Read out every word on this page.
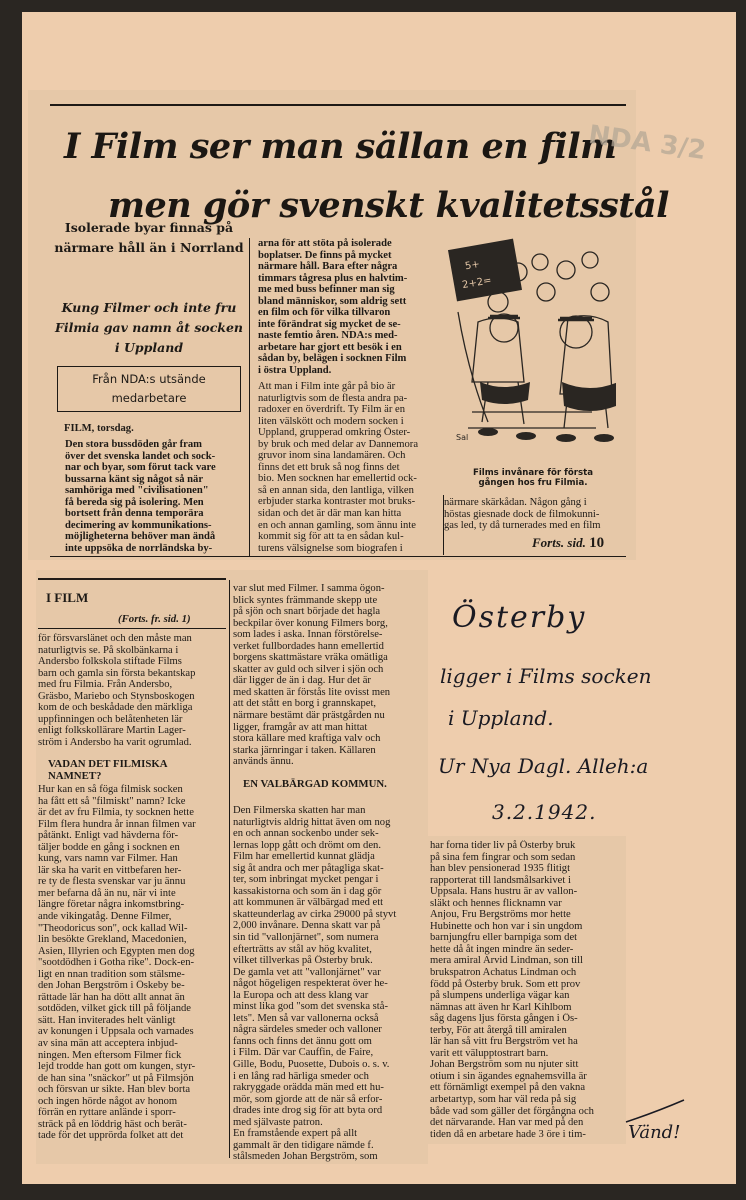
I Film ser man sällan en film
men gör svenskt kvalitetsstål
NDA 3/2
Isolerade byar finnas på närmare håll än i Norrland
Kung Filmer och inte fru Filmia gav namn åt socken i Uppland
Från NDA:s utsände medarbetare
FILM, torsdag.
Den stora bussdöden går fram
över det svenska landet och sock-
nar och byar, som förut tack vare
bussarna känt sig något så när
samhöriga med "civilisationen"
få bereda sig på isolering. Men
bortsett från denna temporära
decimering av kommunikations-
möjligheterna behöver man ändå
inte uppsöka de norrländska by-
arna för att stöta på isolerade
boplatser. De finns på mycket
närmare håll. Bara efter några
timmars tågresa plus en halvtim-
me med buss befinner man sig
bland människor, som aldrig sett
en film och för vilka tillvaron
inte förändrat sig mycket de se-
naste femtio åren. NDA:s med-
arbetare har gjort ett besök i en
sådan by, belägen i socknen Film
i östra Uppland.
Att man i Film inte går på bio är
naturligtvis som de flesta andra pa-
radoxer en överdrift. Ty Film är en
liten välskött och modern socken i
Uppland, grupperad omkring Öster-
by bruk och med delar av Dannemora
gruvor inom sina landamären. Och
finns det ett bruk så nog finns det
bio. Men socknen har emellertid ock-
så en annan sida, den lantliga, vilken
erbjuder starka kontraster mot bruks-
sidan och det är där man kan hitta
en och annan gamling, som ännu inte
kommit sig för att ta en sådan kul-
turens välsignelse som biografen i
5+
2+2=
Sal
Films invånare för första gången hos fru Filmia.
närmare skärkådan. Någon gång i
höstas giesnade dock de filmokunni-
gas led, ty då turnerades med en film
Forts. sid. 10
I FILM
(Forts. fr. sid. 1)
för försvarslänet och den måste man
naturligtvis se. På skolbänkarna i
Andersbo folkskola stiftade Films
barn och gamla sin första bekantskap
med fru Filmia. Från Andersbo,
Gräsbo, Mariebo och Stynsboskogen
kom de och beskådade den märkliga
uppfinningen och belåtenheten lär
enligt folkskollärare Martin Lager-
ström i Andersbo ha varit ogrumlad.
VADAN DET FILMISKA NAMNET?
Hur kan en så föga filmisk socken
ha fått ett så "filmiskt" namn? Icke
är det av fru Filmia, ty socknen hette
Film flera hundra år innan filmen var
påtänkt. Enligt vad hävderna för-
täljer bodde en gång i socknen en
kung, vars namn var Filmer. Han
lär ska ha varit en vittbefaren her-
re ty de flesta svenskar var ju ännu
mer befarna då än nu, när vi inte
längre företar några inkomstbring-
ande vikingatåg. Denne Filmer,
"Theodoricus son", ock kallad Wil-
lin besökte Grekland, Macedonien,
Asien, Illyrien och Egypten men dog
"sootdödhen i Gotha rike". Dock-en-
ligt en nnan tradition som stälsme-
den Johan Bergström i Öskeby be-
rättade lär han ha dött allt annat än
sotdöden, vilket gick till på följande
sätt. Han inviterades helt vänligt
av konungen i Uppsala och varnades
av sina män att acceptera inbjud-
ningen. Men eftersom Filmer fick
lejd trodde han gott om kungen, styr-
de han sina "snäckor" ut på Filmsjön
och försvan ur sikte. Han blev borta
och ingen hörde något av honom
förrän en ryttare anlände i sporr-
sträck på en löddrig häst och berät-
tade för det upprörda folket att det
var slut med Filmer. I samma ögon-
blick syntes främmande skepp ute
på sjön och snart började det hagla
beckpilar över konung Filmers borg,
som lades i aska. Innan förstörelse-
verket fullbordades hann emellertid
borgens skattmästare vräka omätliga
skatter av guld och silver i sjön och
där ligger de än i dag. Hur det är
med skatten är förstås lite ovisst men
att det stått en borg i grannskapet,
närmare bestämt där prästgården nu
ligger, framgår av att man hittat
stora källare med kraftiga valv och
starka järnringar i taken. Källaren
används ännu.
EN VALBÄRGAD KOMMUN.
Den Filmerska skatten har man
naturligtvis aldrig hittat även om nog
en och annan sockenbo under sek-
lernas lopp gått och drömt om den.
Film har emellertid kunnat glädja
sig åt andra och mer påtagliga skat-
ter, som inbringat mycket pengar i
kassakistorna och som än i dag gör
att kommunen är välbärgad med ett
skatteunderlag av cirka 29000 på styvt
2,000 invånare. Denna skatt var på
sin tid "vallonjärnet", som numera
efterträtts av stål av hög kvalitet,
vilket tillverkas på Österby bruk.
De gamla vet att "vallonjärnet" var
något högeligen respekterat över he-
la Europa och att dess klang var
minst lika god "som det svenska stå-
lets". Men så var vallonerna också
några särdeles smeder och valloner
fanns och finns det ännu gott om
i Film. Där var Cauffin, de Faire,
Gille, Bodu, Puosette, Dubois o. s. v.
i en lång rad härliga smeder och
rakryggade orädda män med ett hu-
mör, som gjorde att de när så erfor-
drades inte drog sig för att byta ord
med självaste patron.
En framstående expert på allt
gammalt är den tidigare nämde f.
stålsmeden Johan Bergström, som
har forna tider liv på Österby bruk
på sina fem fingrar och som sedan
han blev pensionerad 1935 flitigt
rapporterat till landsmålsarkivet i
Uppsala. Hans hustru är av vallon-
släkt och hennes flicknamn var
Anjou, Fru Bergströms mor hette
Hubinette och hon var i sin ungdom
barnjungfru eller barnpiga som det
hette då åt ingen mindre än seder-
mera amiral Arvid Lindman, son till
brukspatron Achatus Lindman och
född på Österby bruk. Som ett prov
på slumpens underliga vägar kan
nämnas att även hr Karl Kihlbom
såg dagens ljus första gången i Ös-
terby, För att återgå till amiralen
lär han så vitt fru Bergström vet ha
varit ett välupptostrart barn.
Johan Bergström som nu njuter sitt
otium i sin ägandes egnahemsvilla är
ett förnämligt exempel på den vakna
arbetartyp, som har väl reda på sig
både vad som gäller det förgångna och
det närvarande. Han var med på den
tiden då en arbetare hade 3 öre i tim-
Österby
ligger i Films socken
i Uppland.
Ur Nya Dagl. Alleh:a
3.2.1942.
Vänd!
